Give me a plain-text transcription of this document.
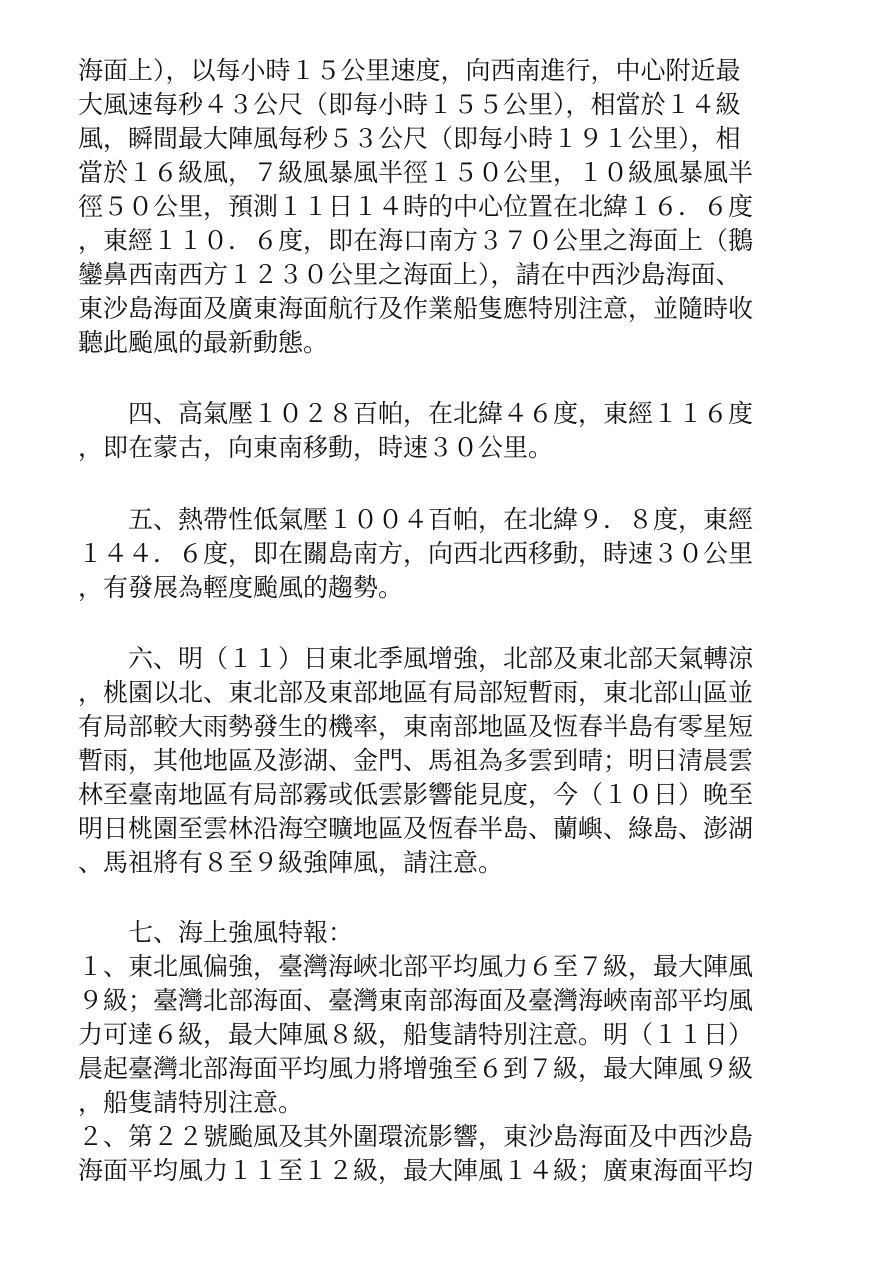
海面上），以每小時１５公里速度，向西南進行，中心附近最
大風速每秒４３公尺（即每小時１５５公里），相當於１４級
風，瞬間最大陣風每秒５３公尺（即每小時１９１公里），相
當於１６級風，７級風暴風半徑１５０公里，１０級風暴風半
徑５０公里，預測１１日１４時的中心位置在北緯１６．６度
，東經１１０．６度，即在海口南方３７０公里之海面上（鵝
鑾鼻西南西方１２３０公里之海面上），請在中西沙島海面、
東沙島海面及廣東海面航行及作業船隻應特別注意，並隨時收
聽此颱風的最新動態。
　　四、高氣壓１０２８百帕，在北緯４６度，東經１１６度
，即在蒙古，向東南移動，時速３０公里。
　　五、熱帶性低氣壓１００４百帕，在北緯９．８度，東經
１４４．６度，即在關島南方，向西北西移動，時速３０公里
，有發展為輕度颱風的趨勢。
　　六、明（１１）日東北季風增強，北部及東北部天氣轉涼
，桃園以北、東北部及東部地區有局部短暫雨，東北部山區並
有局部較大雨勢發生的機率，東南部地區及恆春半島有零星短
暫雨，其他地區及澎湖、金門、馬祖為多雲到晴；明日清晨雲
林至臺南地區有局部霧或低雲影響能見度，今（１０日）晚至
明日桃園至雲林沿海空曠地區及恆春半島、蘭嶼、綠島、澎湖
、馬祖將有８至９級強陣風，請注意。
　　七、海上強風特報：
１、東北風偏強，臺灣海峽北部平均風力６至７級，最大陣風
９級；臺灣北部海面、臺灣東南部海面及臺灣海峽南部平均風
力可達６級，最大陣風８級，船隻請特別注意。明（１１日）
晨起臺灣北部海面平均風力將增強至６到７級，最大陣風９級
，船隻請特別注意。
２、第２２號颱風及其外圍環流影響，東沙島海面及中西沙島
海面平均風力１１至１２級，最大陣風１４級；廣東海面平均
